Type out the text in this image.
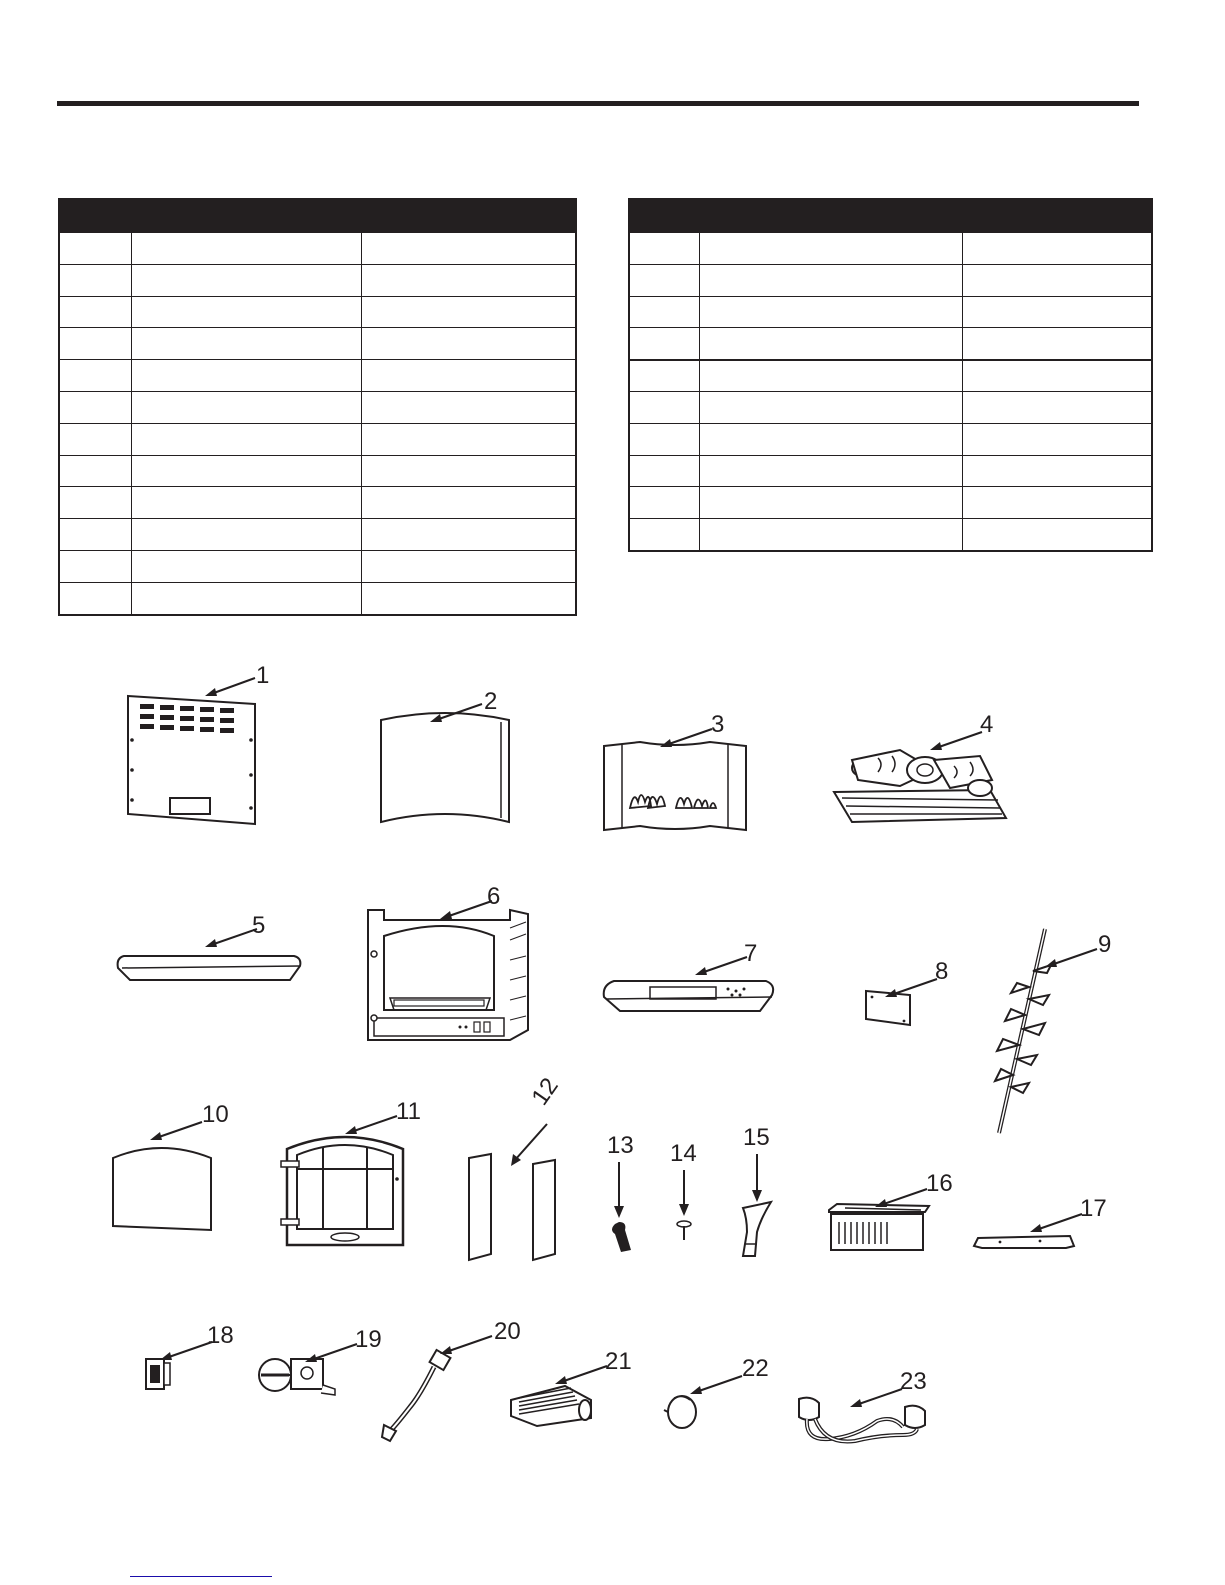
1
2
3	4
5
6
7
8
9
10	11
12
13 14
15
16
17
18	19	20
21	22	23
